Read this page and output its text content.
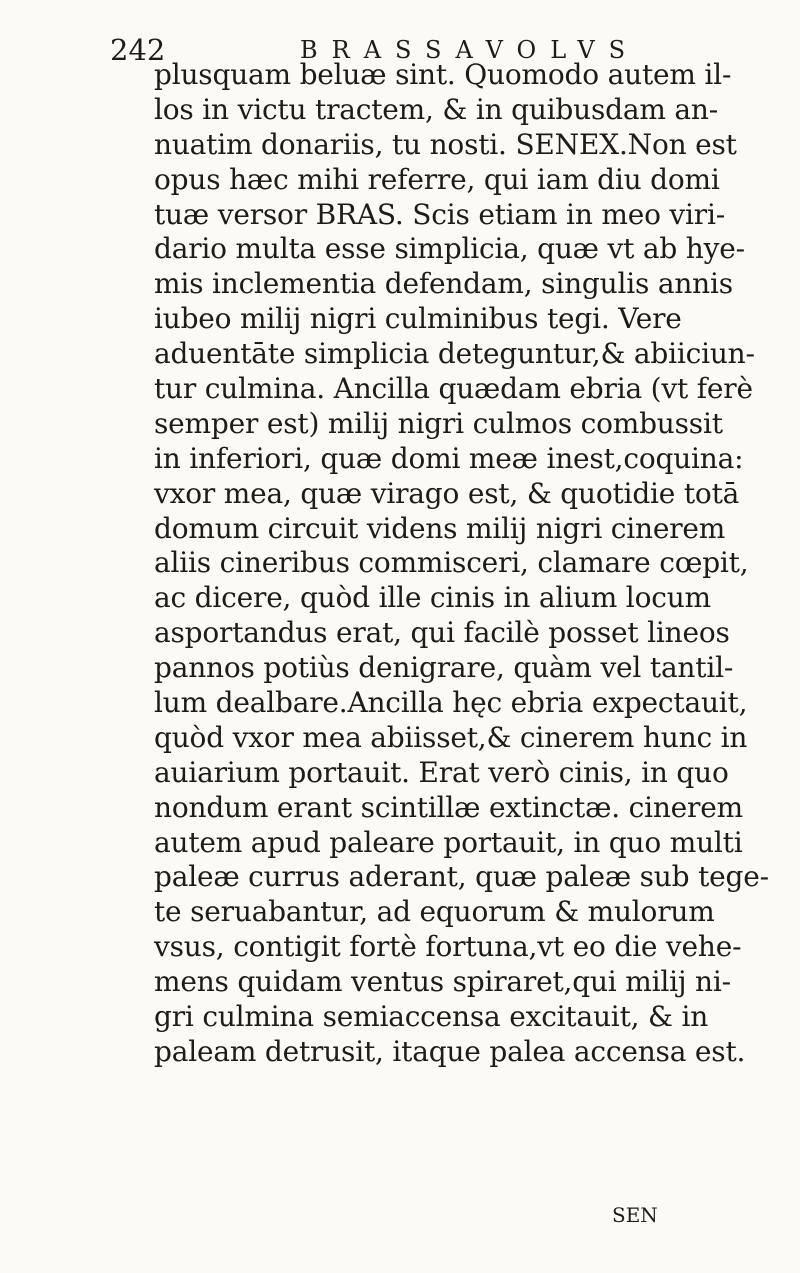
242	BRASSAVOLVS
plusquam beluæ sint. Quomodo autem il-
los in victu tractem, & in quibusdam an-
nuatim donariis, tu nosti. SENEX.Non est
opus hæc mihi referre, qui iam diu domi
tuæ versor BRAS. Scis etiam in meo viri-
dario multa esse simplicia, quæ vt ab hye-
mis inclementia defendam, singulis annis
iubeo milij nigri culminibus tegi. Vere
aduentāte simplicia deteguntur,& abiiciun-
tur culmina. Ancilla quædam ebria (vt ferè
semper est) milij nigri culmos combussit
in inferiori, quæ domi meæ inest,coquina:
vxor mea, quæ virago est, & quotidie totā
domum circuit videns milij nigri cinerem
aliis cineribus commisceri, clamare cœpit,
ac dicere, quòd ille cinis in alium locum
asportandus erat, qui facilè posset lineos
pannos potiùs denigrare, quàm vel tantil-
lum dealbare.Ancilla hęc ebria expectauit,
quòd vxor mea abiisset,& cinerem hunc in
auiarium portauit. Erat verò cinis, in quo
nondum erant scintillæ extinctæ. cinerem
autem apud paleare portauit, in quo multi
paleæ currus aderant, quæ paleæ sub tege-
te seruabantur, ad equorum & mulorum
vsus, contigit fortè fortuna,vt eo die vehe-
mens quidam ventus spiraret,qui milij ni-
gri culmina semiaccensa excitauit, & in
paleam detrusit, itaque palea accensa est.
SEN
